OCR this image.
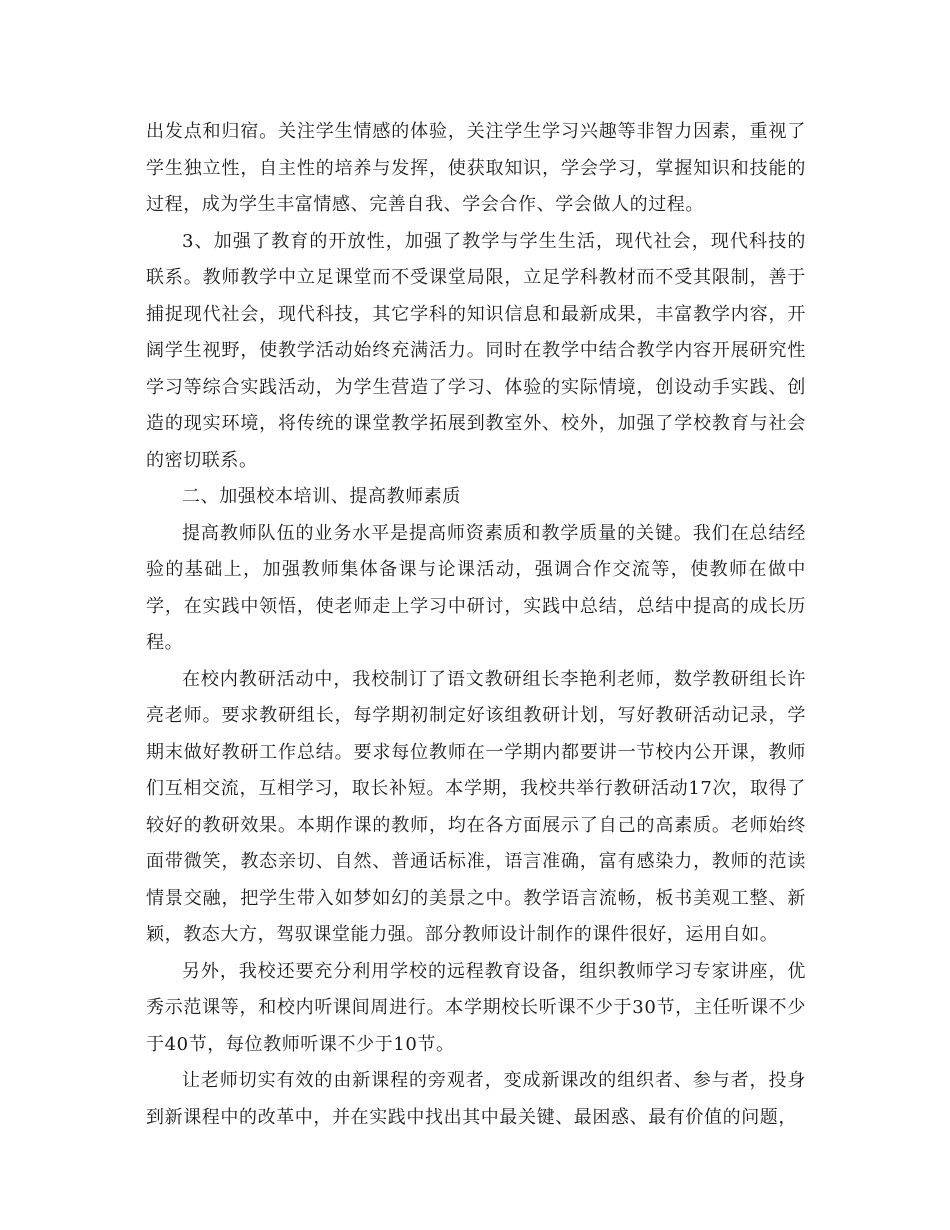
出发点和归宿。关注学生情感的体验，关注学生学习兴趣等非智力因素，重视了学生独立性，自主性的培养与发挥，使获取知识，学会学习，掌握知识和技能的过程，成为学生丰富情感、完善自我、学会合作、学会做人的过程。

3、加强了教育的开放性，加强了教学与学生生活，现代社会，现代科技的联系。教师教学中立足课堂而不受课堂局限，立足学科教材而不受其限制，善于捕捉现代社会，现代科技，其它学科的知识信息和最新成果，丰富教学内容，开阔学生视野，使教学活动始终充满活力。同时在教学中结合教学内容开展研究性学习等综合实践活动，为学生营造了学习、体验的实际情境，创设动手实践、创造的现实环境，将传统的课堂教学拓展到教室外、校外，加强了学校教育与社会的密切联系。

二、加强校本培训、提高教师素质

提高教师队伍的业务水平是提高师资素质和教学质量的关键。我们在总结经验的基础上，加强教师集体备课与论课活动，强调合作交流等，使教师在做中学，在实践中领悟，使老师走上学习中研讨，实践中总结，总结中提高的成长历程。

在校内教研活动中，我校制订了语文教研组长李艳利老师，数学教研组长许亮老师。要求教研组长，每学期初制定好该组教研计划，写好教研活动记录，学期末做好教研工作总结。要求每位教师在一学期内都要讲一节校内公开课，教师们互相交流，互相学习，取长补短。本学期，我校共举行教研活动17次，取得了较好的教研效果。本期作课的教师，均在各方面展示了自己的高素质。老师始终面带微笑，教态亲切、自然、普通话标准，语言准确，富有感染力，教师的范读情景交融，把学生带入如梦如幻的美景之中。教学语言流畅，板书美观工整、新颖，教态大方，驾驭课堂能力强。部分教师设计制作的课件很好，运用自如。

另外，我校还要充分利用学校的远程教育设备，组织教师学习专家讲座，优秀示范课等，和校内听课间周进行。本学期校长听课不少于30节，主任听课不少于40节，每位教师听课不少于10节。

让老师切实有效的由新课程的旁观者，变成新课改的组织者、参与者，投身到新课程中的改革中，并在实践中找出其中最关键、最困惑、最有价值的问题，
